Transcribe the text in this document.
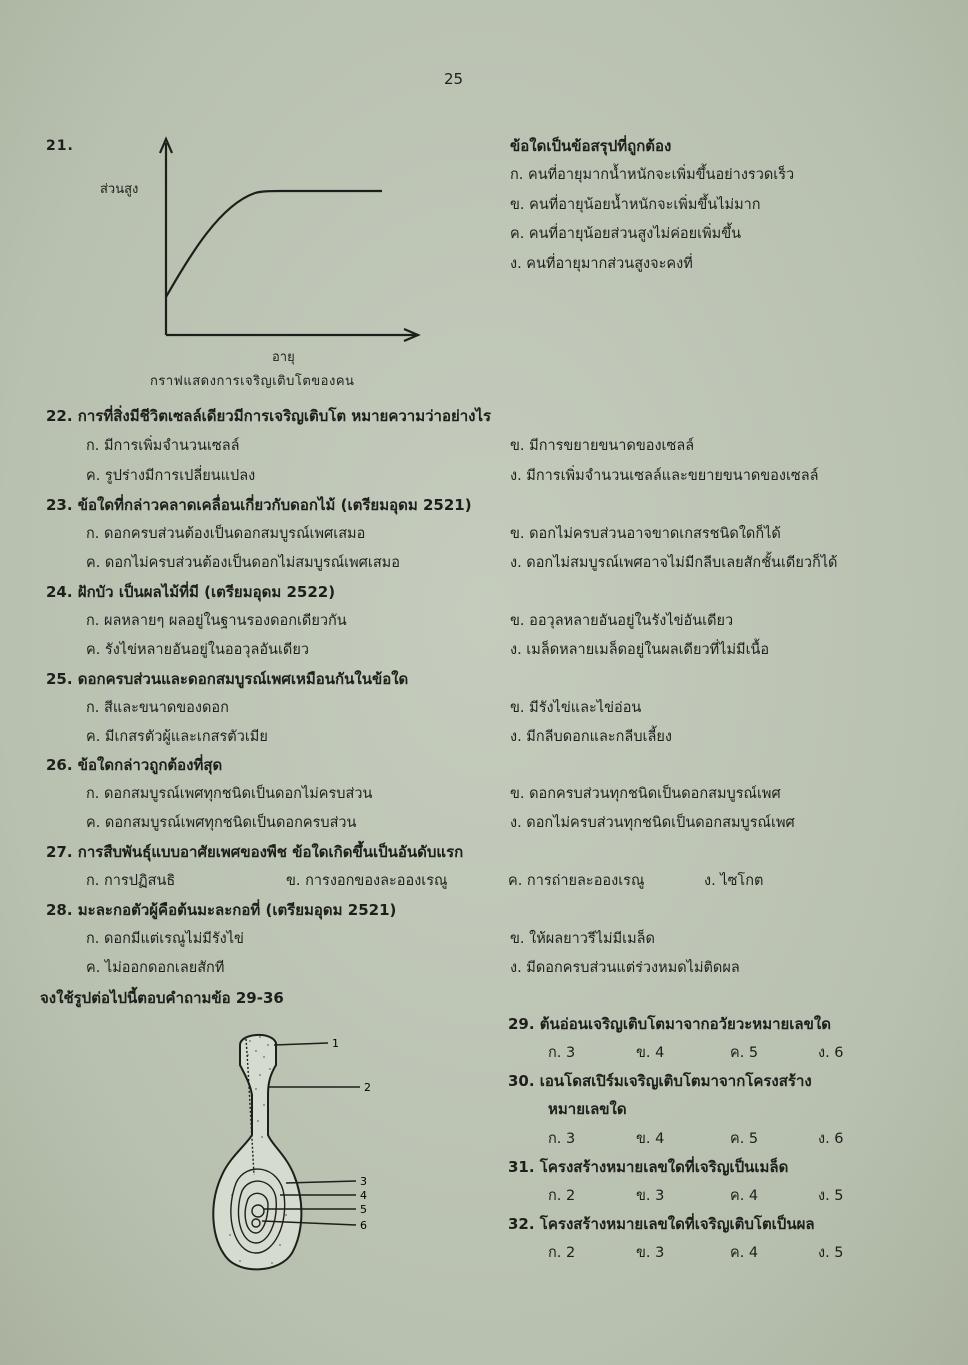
25
21.
ส่วนสูง
อายุ
กราฟแสดงการเจริญเติบโตของคน
ข้อใดเป็นข้อสรุปที่ถูกต้อง
ก. คนที่อายุมากน้ำหนักจะเพิ่มขึ้นอย่างรวดเร็ว
ข. คนที่อายุน้อยน้ำหนักจะเพิ่มขึ้นไม่มาก
ค. คนที่อายุน้อยส่วนสูงไม่ค่อยเพิ่มขึ้น
ง. คนที่อายุมากส่วนสูงจะคงที่
22. การที่สิ่งมีชีวิตเซลล์เดียวมีการเจริญเติบโต หมายความว่าอย่างไร
ก. มีการเพิ่มจำนวนเซลล์	ข. มีการขยายขนาดของเซลล์
ค. รูปร่างมีการเปลี่ยนแปลง	ง. มีการเพิ่มจำนวนเซลล์และขยายขนาดของเซลล์
23. ข้อใดที่กล่าวคลาดเคลื่อนเกี่ยวกับดอกไม้ (เตรียมอุดม 2521)
ก. ดอกครบส่วนต้องเป็นดอกสมบูรณ์เพศเสมอ	ข. ดอกไม่ครบส่วนอาจขาดเกสรชนิดใดก็ได้
ค. ดอกไม่ครบส่วนต้องเป็นดอกไม่สมบูรณ์เพศเสมอ	ง. ดอกไม่สมบูรณ์เพศอาจไม่มีกลีบเลยสักชั้นเดียวก็ได้
24. ฝักบัว เป็นผลไม้ที่มี (เตรียมอุดม 2522)
ก. ผลหลายๆ ผลอยู่ในฐานรองดอกเดียวกัน	ข. ออวุลหลายอันอยู่ในรังไข่อันเดียว
ค. รังไข่หลายอันอยู่ในออวุลอันเดียว	ง. เมล็ดหลายเมล็ดอยู่ในผลเดียวที่ไม่มีเนื้อ
25. ดอกครบส่วนและดอกสมบูรณ์เพศเหมือนกันในข้อใด
ก. สีและขนาดของดอก	ข. มีรังไข่และไข่อ่อน
ค. มีเกสรตัวผู้และเกสรตัวเมีย	ง. มีกลีบดอกและกลีบเลี้ยง
26. ข้อใดกล่าวถูกต้องที่สุด
ก. ดอกสมบูรณ์เพศทุกชนิดเป็นดอกไม่ครบส่วน	ข. ดอกครบส่วนทุกชนิดเป็นดอกสมบูรณ์เพศ
ค. ดอกสมบูรณ์เพศทุกชนิดเป็นดอกครบส่วน	ง. ดอกไม่ครบส่วนทุกชนิดเป็นดอกสมบูรณ์เพศ
27. การสืบพันธุ์แบบอาศัยเพศของพืช ข้อใดเกิดขึ้นเป็นอันดับแรก
ก. การปฏิสนธิ	ข. การงอกของละอองเรณู	ค. การถ่ายละอองเรณู	ง. ไซโกต
28. มะละกอตัวผู้คือต้นมะละกอที่ (เตรียมอุดม 2521)
ก. ดอกมีแต่เรณูไม่มีรังไข่	ข. ให้ผลยาวรีไม่มีเมล็ด
ค. ไม่ออกดอกเลยสักที	ง. มีดอกครบส่วนแต่ร่วงหมดไม่ติดผล
จงใช้รูปต่อไปนี้ตอบคำถามข้อ 29-36
1
2
3
4
5
6
29. ต้นอ่อนเจริญเติบโตมาจากอวัยวะหมายเลขใด
ก. 3	ข. 4	ค. 5	ง. 6
30. เอนโดสเปิร์มเจริญเติบโตมาจากโครงสร้าง
หมายเลขใด
ก. 3	ข. 4	ค. 5	ง. 6
31. โครงสร้างหมายเลขใดที่เจริญเป็นเมล็ด
ก. 2	ข. 3	ค. 4	ง. 5
32. โครงสร้างหมายเลขใดที่เจริญเติบโตเป็นผล
ก. 2	ข. 3	ค. 4	ง. 5
